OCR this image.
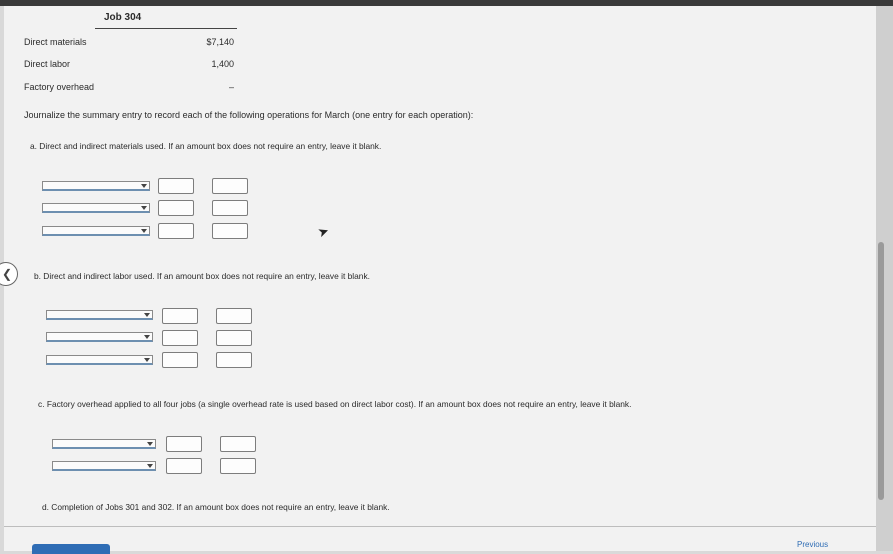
Job 304
Direct materials	$7,140
Direct labor	1,400
Factory overhead	–
Journalize the summary entry to record each of the following operations for March (one entry for each operation):
a. Direct and indirect materials used. If an amount box does not require an entry, leave it blank.
➤
❮	b. Direct and indirect labor used. If an amount box does not require an entry, leave it blank.
c. Factory overhead applied to all four jobs (a single overhead rate is used based on direct labor cost). If an amount box does not require an entry, leave it blank.
d. Completion of Jobs 301 and 302. If an amount box does not require an entry, leave it blank.
Previous
